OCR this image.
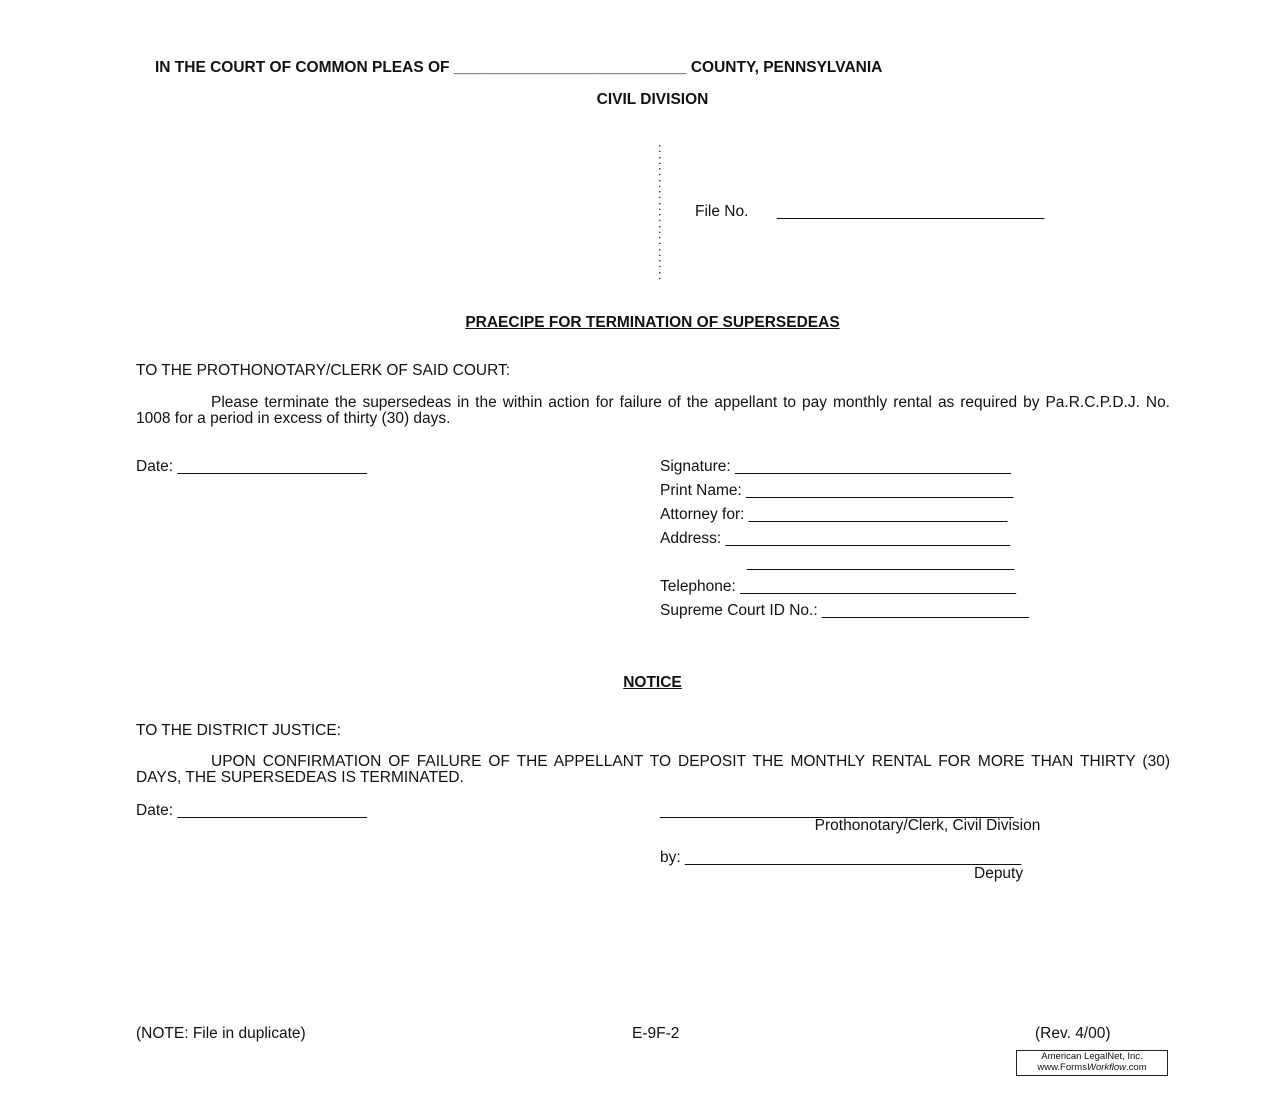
IN THE COURT OF COMMON PLEAS OF ___________________________ COUNTY, PENNSYLVANIA
CIVIL DIVISION
:
:
:
:
:
:
:
:
:
:
:
:
File No. _______________________________
PRAECIPE FOR TERMINATION OF SUPERSEDEAS
TO THE PROTHONOTARY/CLERK OF SAID COURT:
Please terminate the supersedeas in the within action for failure of the appellant to pay monthly rental as required by Pa.R.C.P.D.J. No. 1008 for a period in excess of thirty (30) days.
Date: ______________________	Signature: ________________________________
Print Name: _______________________________
Attorney for: ______________________________
Address: _________________________________
_______________________________
Telephone: ________________________________
Supreme Court ID No.: ________________________
NOTICE
TO THE DISTRICT JUSTICE:
UPON CONFIRMATION OF FAILURE OF THE APPELLANT TO DEPOSIT THE MONTHLY RENTAL FOR MORE THAN THIRTY (30) DAYS, THE SUPERSEDEAS IS TERMINATED.
Date: ______________________	_________________________________________
Prothonotary/Clerk, Civil Division
by: _______________________________________
Deputy
(NOTE: File in duplicate)	E-9F-2	(Rev. 4/00)
American LegalNet, Inc.
www.FormsWorkflow.com
